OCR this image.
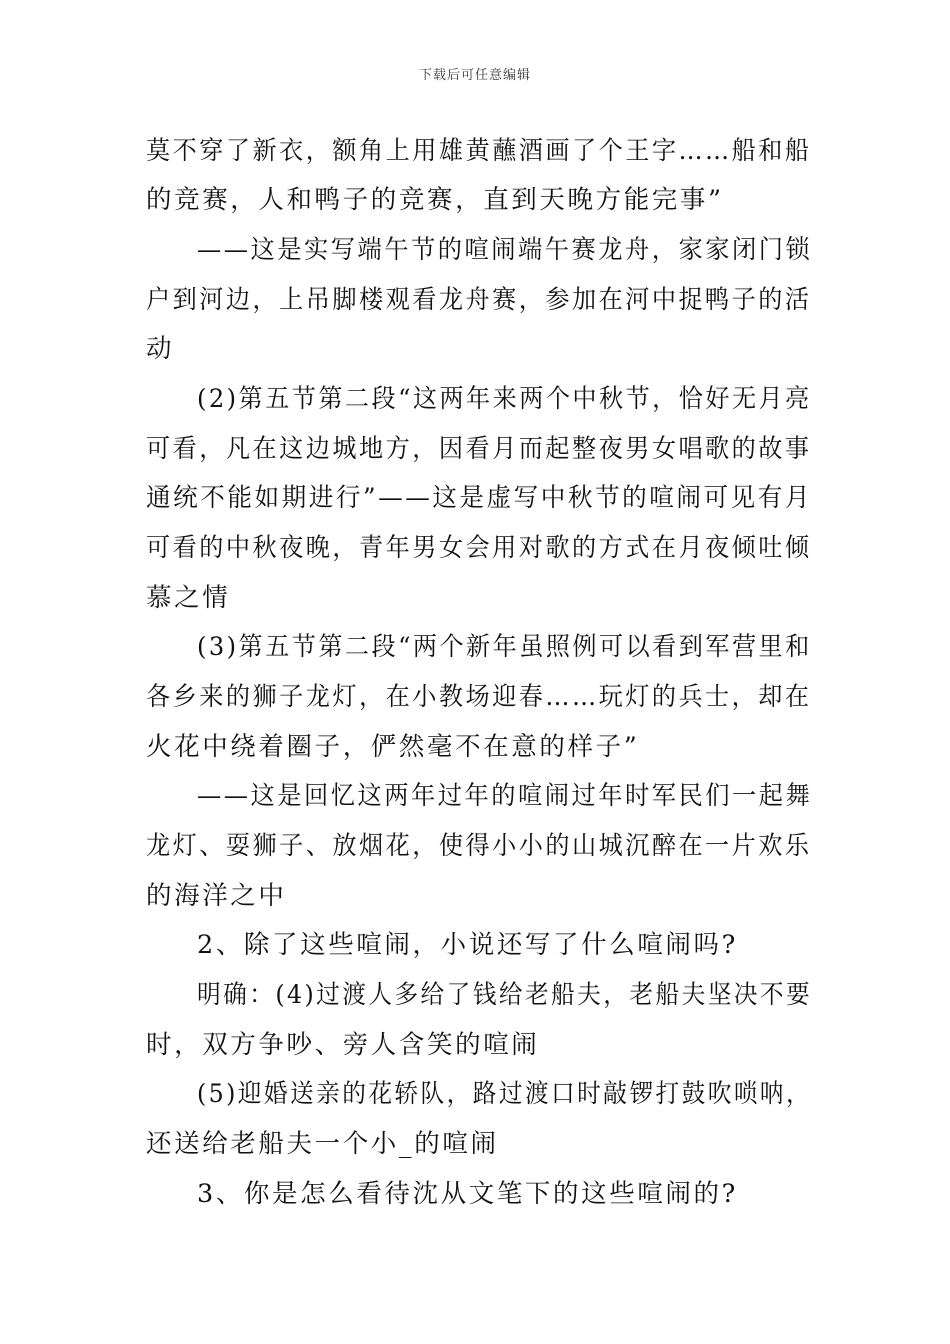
下载后可任意编辑
莫不穿了新衣，额角上用雄黄蘸酒画了个王字……船和船
的竞赛，人和鸭子的竞赛，直到天晚方能完事”
——这是实写端午节的喧闹端午赛龙舟，家家闭门锁
户到河边，上吊脚楼观看龙舟赛，参加在河中捉鸭子的活
动
(2)第五节第二段“这两年来两个中秋节，恰好无月亮
可看，凡在这边城地方，因看月而起整夜男女唱歌的故事
通统不能如期进行”——这是虚写中秋节的喧闹可见有月
可看的中秋夜晚，青年男女会用对歌的方式在月夜倾吐倾
慕之情
(3)第五节第二段“两个新年虽照例可以看到军营里和
各乡来的狮子龙灯，在小教场迎春……玩灯的兵士，却在
火花中绕着圈子，俨然毫不在意的样子”
——这是回忆这两年过年的喧闹过年时军民们一起舞
龙灯、耍狮子、放烟花，使得小小的山城沉醉在一片欢乐
的海洋之中
2、除了这些喧闹，小说还写了什么喧闹吗?
明确：(4)过渡人多给了钱给老船夫，老船夫坚决不要
时，双方争吵、旁人含笑的喧闹
(5)迎婚送亲的花轿队，路过渡口时敲锣打鼓吹唢呐，
还送给老船夫一个小_的喧闹
3、你是怎么看待沈从文笔下的这些喧闹的?
